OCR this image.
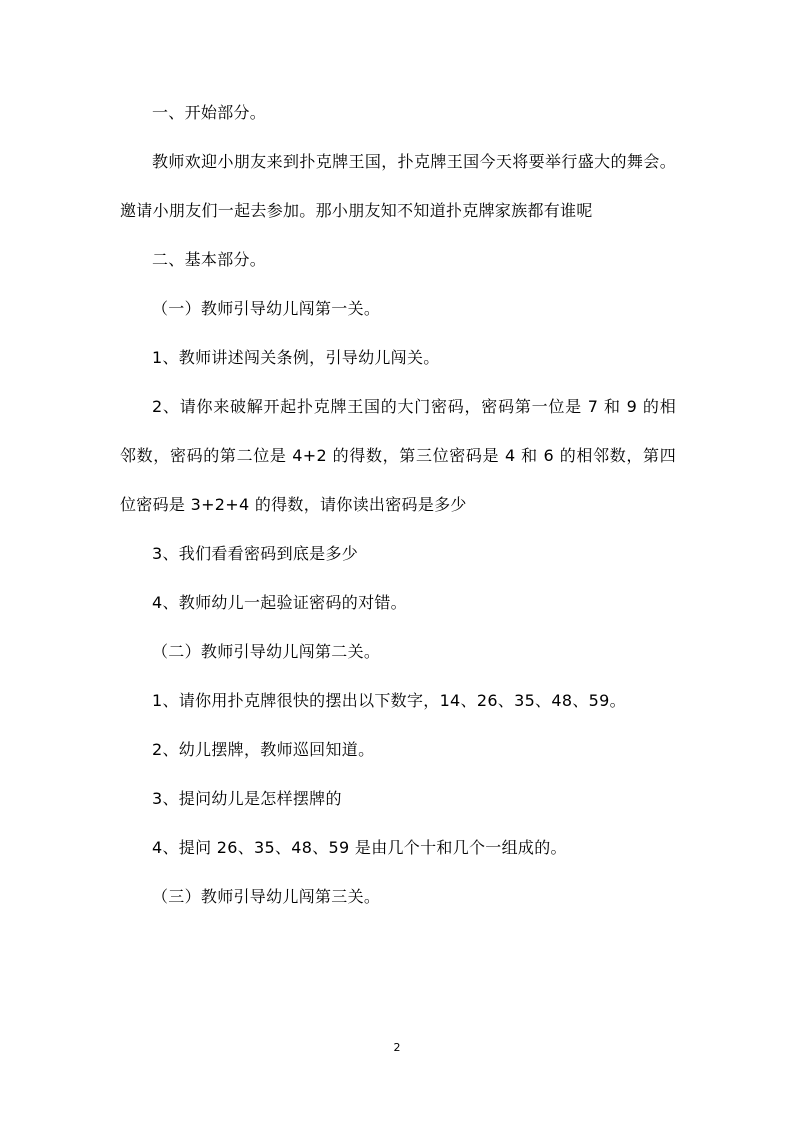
一、开始部分。

教师欢迎小朋友来到扑克牌王国，扑克牌王国今天将要举行盛大的舞会。邀请小朋友们一起去参加。那小朋友知不知道扑克牌家族都有谁呢

二、基本部分。

（一）教师引导幼儿闯第一关。

1、教师讲述闯关条例，引导幼儿闯关。

2、请你来破解开起扑克牌王国的大门密码，密码第一位是 7 和 9 的相邻数，密码的第二位是 4+2 的得数，第三位密码是 4 和 6 的相邻数，第四位密码是 3+2+4 的得数，请你读出密码是多少

3、我们看看密码到底是多少

4、教师幼儿一起验证密码的对错。

（二）教师引导幼儿闯第二关。

1、请你用扑克牌很快的摆出以下数字，14、26、35、48、59。

2、幼儿摆牌，教师巡回知道。

3、提问幼儿是怎样摆牌的

4、提问 26、35、48、59 是由几个十和几个一组成的。

（三）教师引导幼儿闯第三关。

2
